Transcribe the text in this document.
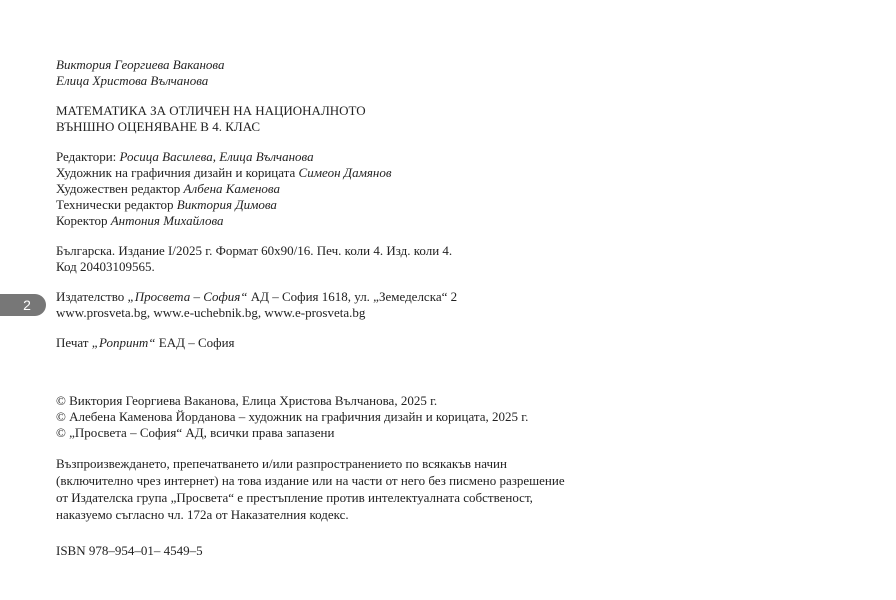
2
Виктория Георгиева Ваканова
Елица Христова Вълчанова
МАТЕМАТИКА ЗА ОТЛИЧЕН НА НАЦИОНАЛНОТО
ВЪНШНО ОЦЕНЯВАНЕ В 4. КЛАС
Редактори: Росица Василева, Елица Вълчанова
Художник на графичния дизайн и корицата Симеон Дамянов
Художествен редактор Албена Каменова
Технически редактор Виктория Димова
Коректор Антония Михайлова
Българска. Издание I/2025 г. Формат 60х90/16. Печ. коли 4. Изд. коли 4.
Код 20403109565.
Издателство „Просвета – София“ АД – София 1618, ул. „Земеделска“ 2
www.prosveta.bg, www.e-uchebnik.bg, www.e-prosveta.bg
Печат „Ропринт“ ЕАД – София
© Виктория Георгиева Ваканова, Елица Христова Вълчанова, 2025 г.
© Алебена Каменова Йорданова – художник на графичния дизайн и корицата, 2025 г.
© „Просвета – София“ АД, всички права запазени
Възпроизвеждането, препечатването и/или разпространението по всякакъв начин
(включително чрез интернет) на това издание или на части от него без писмено разрешение
от Издателска група „Просвета“ е престъпление против интелектуалната собственост,
наказуемо съгласно чл. 172а от Наказателния кодекс.
ISBN 978–954–01– 4549–5
